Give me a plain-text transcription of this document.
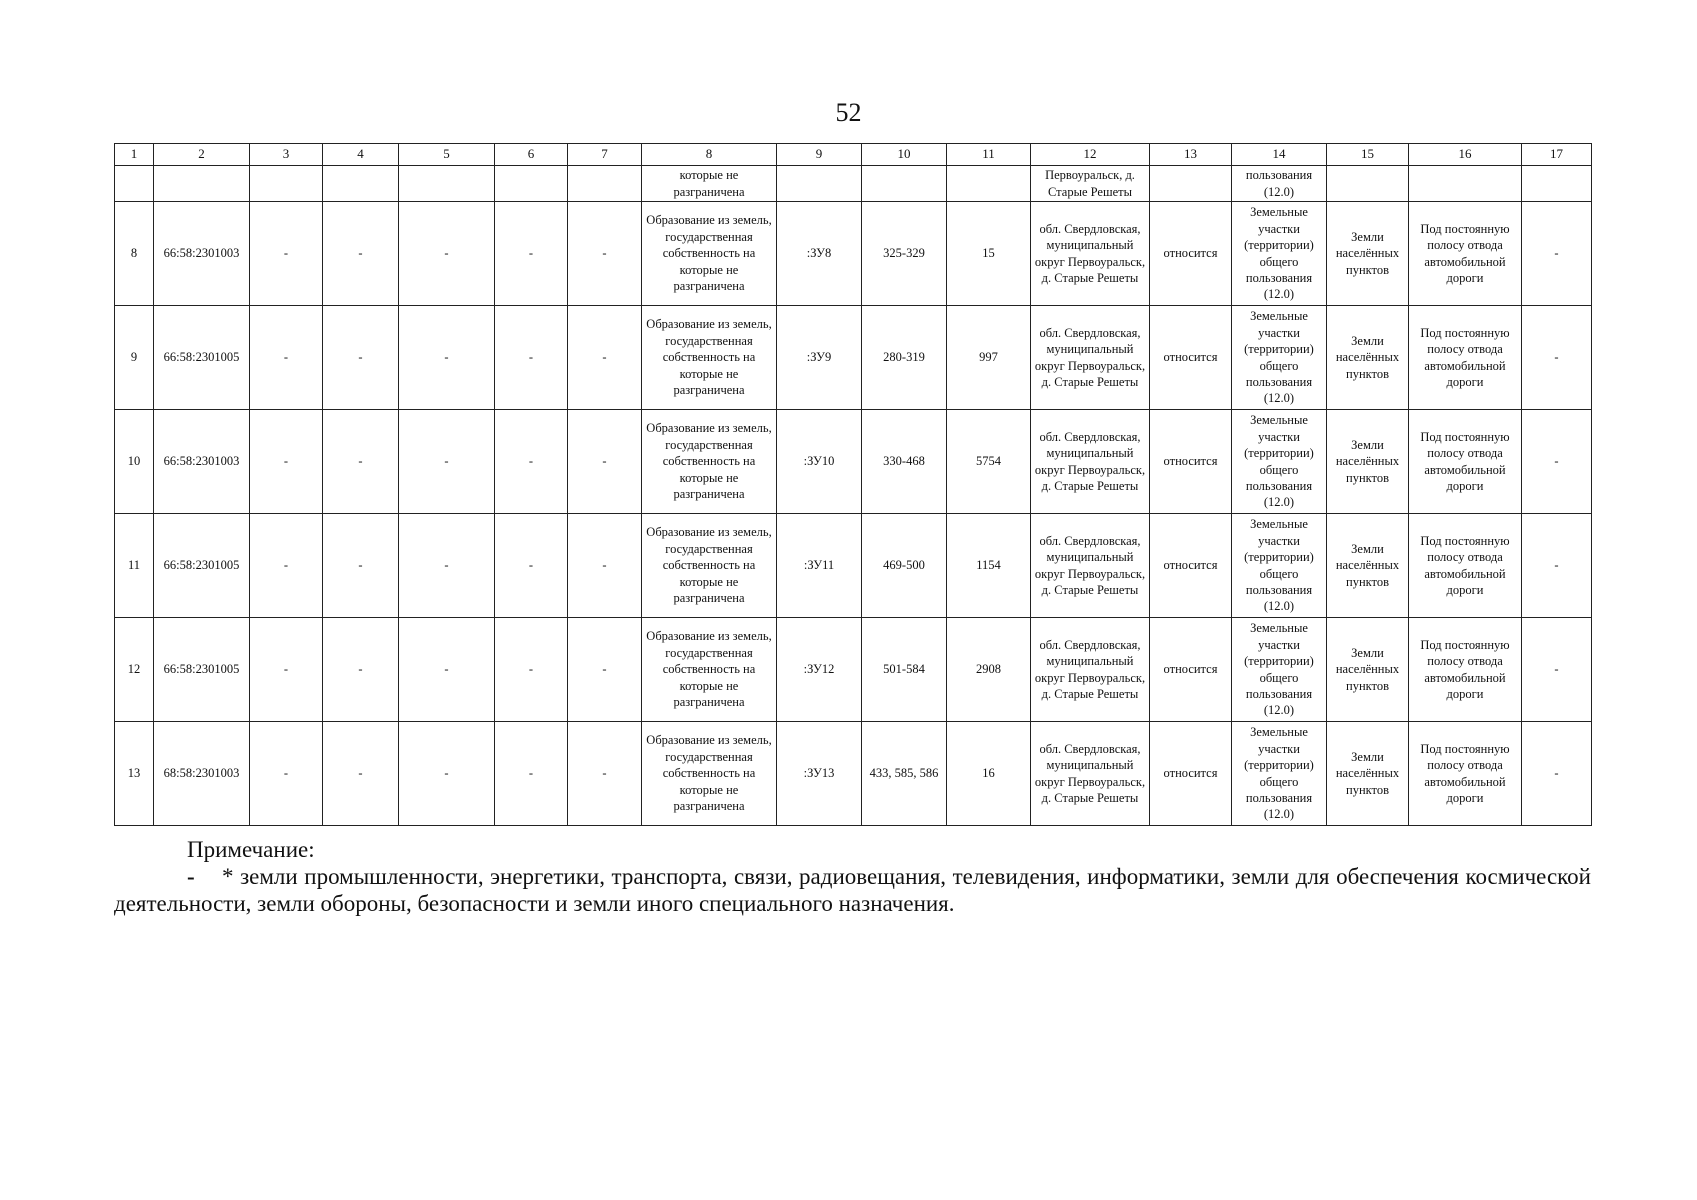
52
1	2	3	4	5	6	7	8	9	10	11	12	13	14	15	16	17
							которые не разграничена				Первоуральск, д. Старые Решеты		пользования (12.0)			
8	66:58:2301003	-	-	-	-	-	Образование из земель, государственная собственность на которые не разграничена	:ЗУ8	325-329	15	обл. Свердловская, муниципальный округ Первоуральск, д. Старые Решеты	относится	Земельные участки (территории) общего пользования (12.0)	Земли населённых пунктов	Под постоянную полосу отвода автомобильной дороги	-
9	66:58:2301005	-	-	-	-	-	Образование из земель, государственная собственность на которые не разграничена	:ЗУ9	280-319	997	обл. Свердловская, муниципальный округ Первоуральск, д. Старые Решеты	относится	Земельные участки (территории) общего пользования (12.0)	Земли населённых пунктов	Под постоянную полосу отвода автомобильной дороги	-
10	66:58:2301003	-	-	-	-	-	Образование из земель, государственная собственность на которые не разграничена	:ЗУ10	330-468	5754	обл. Свердловская, муниципальный округ Первоуральск, д. Старые Решеты	относится	Земельные участки (территории) общего пользования (12.0)	Земли населённых пунктов	Под постоянную полосу отвода автомобильной дороги	-
11	66:58:2301005	-	-	-	-	-	Образование из земель, государственная собственность на которые не разграничена	:ЗУ11	469-500	1154	обл. Свердловская, муниципальный округ Первоуральск, д. Старые Решеты	относится	Земельные участки (территории) общего пользования (12.0)	Земли населённых пунктов	Под постоянную полосу отвода автомобильной дороги	-
12	66:58:2301005	-	-	-	-	-	Образование из земель, государственная собственность на которые не разграничена	:ЗУ12	501-584	2908	обл. Свердловская, муниципальный округ Первоуральск, д. Старые Решеты	относится	Земельные участки (территории) общего пользования (12.0)	Земли населённых пунктов	Под постоянную полосу отвода автомобильной дороги	-
13	68:58:2301003	-	-	-	-	-	Образование из земель, государственная собственность на которые не разграничена	:ЗУ13	433, 585, 586	16	обл. Свердловская, муниципальный округ Первоуральск, д. Старые Решеты	относится	Земельные участки (территории) общего пользования (12.0)	Земли населённых пунктов	Под постоянную полосу отвода автомобильной дороги	-
Примечание:
- * земли промышленности, энергетики, транспорта, связи, радиовещания, телевидения, информатики, земли для обеспечения космической деятельности, земли обороны, безопасности и земли иного специального назначения.
